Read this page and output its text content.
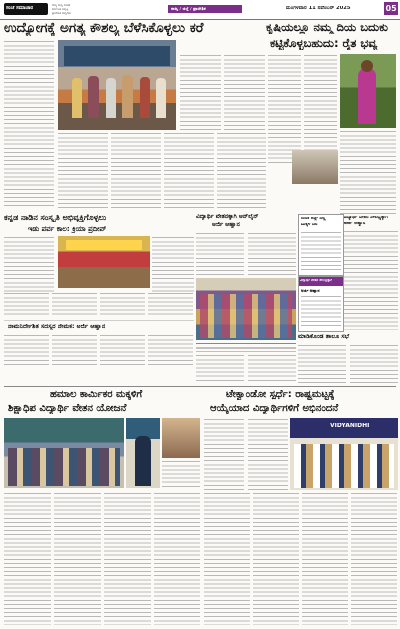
ಸಂಜೆ ಸಮಾಚಾರ	ರಾಜ್ಯ ಸುದ್ದಿ ಸಂಚಿಕೆ
ಕರ್ನಾಟಕ ಆವೃತ್ತಿ
ಪ್ರಾದೇಶಿಕ ಸುದ್ದಿಗಳು
ರಾಜ್ಯ / ಜಿಲ್ಲೆ / ಪ್ರಾದೇಶಿಕ	ಮಂಗಳವಾರ 11 ನವೆಂಬರ್ 2025	05
ಉದ್ಯೋಗಕ್ಕೆ ಅಗತ್ಯ ಕೌಶಲ್ಯ ಬೆಳೆಸಿಕೊಳ್ಳಲು ಕರೆ	ಕೃಷಿಯಲ್ಲೂ ನಮ್ಮ ದಿಯ ಬದುಕು
ಕಟ್ಟಿಕೊಳ್ಳಬಹುದು: ರೈತ ಭವ್ಯ
ಕನ್ನಡ ನಾಡಿನ ಸಂಸ್ಕೃತಿ ಅಭಿವ್ಯಕ್ತಿಗೊಳ್ಳಲು
ಇಡು ಪರ್ವ ಕಾಲ: ಕ್ರಿಯಾ ಪ್ರದೀಪ್
ವಿದ್ಯಾರ್ಥಿ ವೇತನಕ್ಕಾಗಿ ಆನ್‌ಲೈನ್
ಅರ್ಜಿ ಆಹ್ವಾನ
ಬಿಬಿಕಿ ಕಿಡ್ಸ್ ನಲ್ಲಿ
ಮಕ್ಕಳ ದಿನ
ವಿದ್ಯಾರ್ಥಿ ವೇತನ ಸೌಲಭ್ಯಕ್ಕಾಗಿ
ಅರ್ಜಿ ಆಹ್ವಾನ
ವಿದ್ಯಾರ್ಥಿ ವೇತನ ಸೌಲಭ್ಯಕ್ಕಾಗಿ
ಅರ್ಜಿ ಆಹ್ವಾನ
ನಾಮನಿರ್ದೇಶಿತ ಸದಸ್ಯರ ನೇಮಕ: ಅರ್ಜಿ ಆಹ್ವಾನ
ಮಾಡಿಕೊಂಡ ತಾಲೂ ಸಭೆ
ಹಮಾಲ ಕಾರ್ಮಿಕರ ಮಕ್ಕಳಿಗೆ
ಶಿಕ್ಷಾಧಿಪ ವಿದ್ಯಾರ್ಥಿ ವೇತನ ಯೋಜನೆ
ಟೇಕ್ವಾಂಡೋ ಸ್ಪರ್ಧೆ: ರಾಷ್ಟ್ರಮಟ್ಟಕ್ಕೆ
ಆಯ್ಕೆಯಾದ ವಿದ್ಯಾರ್ಥಿಗಳಿಗೆ ಅಭಿನಂದನೆ
VIDYANIDHI
